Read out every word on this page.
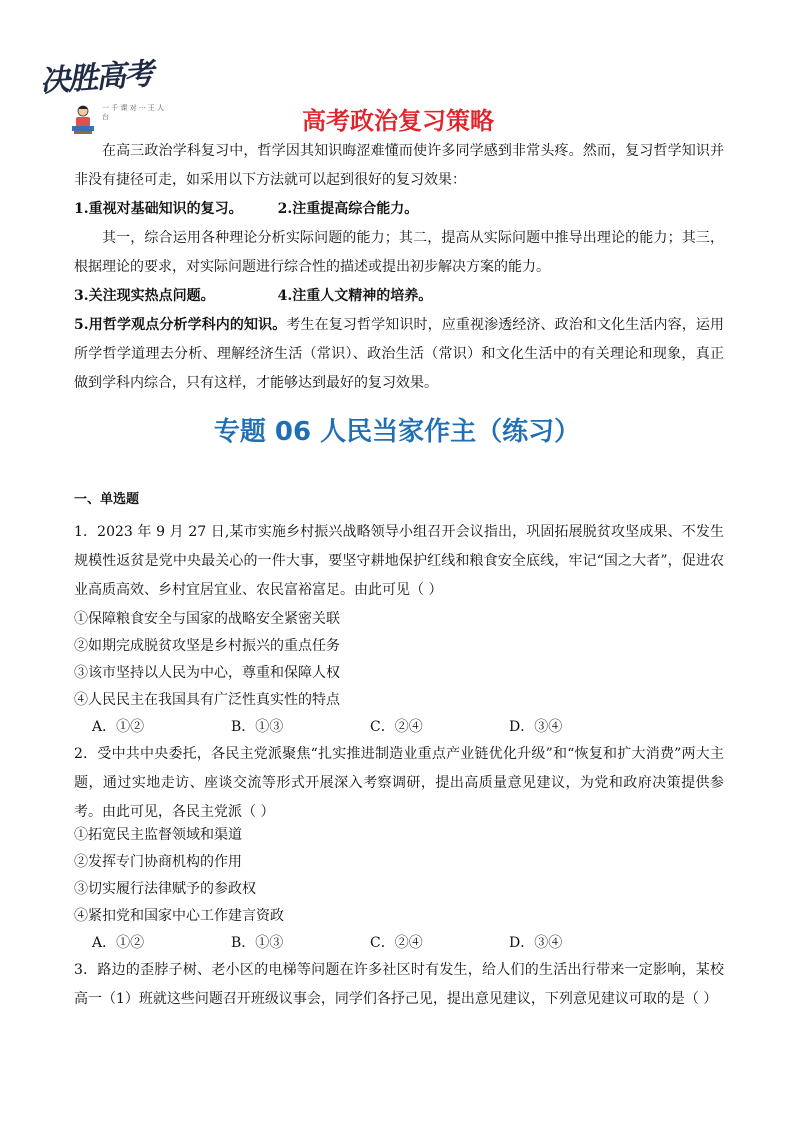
决胜高考
一 千 课 对 ··· 王 人 台	高考政治复习策略

在高三政治学科复习中，哲学因其知识晦涩难懂而使许多同学感到非常头疼。然而，复习哲学知识并非没有捷径可走，如采用以下方法就可以起到很好的复习效果：

1.重视对基础知识的复习。	2.注重提高综合能力。

其一，综合运用各种理论分析实际问题的能力；其二，提高从实际问题中推导出理论的能力；其三，根据理论的要求，对实际问题进行综合性的描述或提出初步解决方案的能力。

3.关注现实热点问题。	4.注重人文精神的培养。

5.用哲学观点分析学科内的知识。考生在复习哲学知识时，应重视渗透经济、政治和文化生活内容，运用所学哲学道理去分析、理解经济生活（常识）、政治生活（常识）和文化生活中的有关理论和现象，真正做到学科内综合，只有这样，才能够达到最好的复习效果。

专题 06 人民当家作主（练习）
一、单选题

1．2023 年 9 月 27 日,某市实施乡村振兴战略领导小组召开会议指出，巩固拓展脱贫攻坚成果、不发生规模性返贫是党中央最关心的一件大事，要坚守耕地保护红线和粮食安全底线，牢记“国之大者”，促进农业高质高效、乡村宜居宜业、农民富裕富足。由此可见（ ）

①保障粮食安全与国家的战略安全紧密关联
②如期完成脱贫攻坚是乡村振兴的重点任务
③该市坚持以人民为中心，尊重和保障人权
④人民民主在我国具有广泛性真实性的特点
A．①②	B．①③	C．②④	D．③④

2．受中共中央委托，各民主党派聚焦“扎实推进制造业重点产业链优化升级”和“恢复和扩大消费”两大主题，通过实地走访、座谈交流等形式开展深入考察调研，提出高质量意见建议，为党和政府决策提供参考。由此可见，各民主党派（ ）

①拓宽民主监督领域和渠道
②发挥专门协商机构的作用
③切实履行法律赋予的参政权
④紧扣党和国家中心工作建言资政
A．①②	B．①③	C．②④	D．③④

3．路边的歪脖子树、老小区的电梯等问题在许多社区时有发生，给人们的生活出行带来一定影响，某校高一（1）班就这些问题召开班级议事会，同学们各抒己见，提出意见建议，下列意见建议可取的是（ ）
